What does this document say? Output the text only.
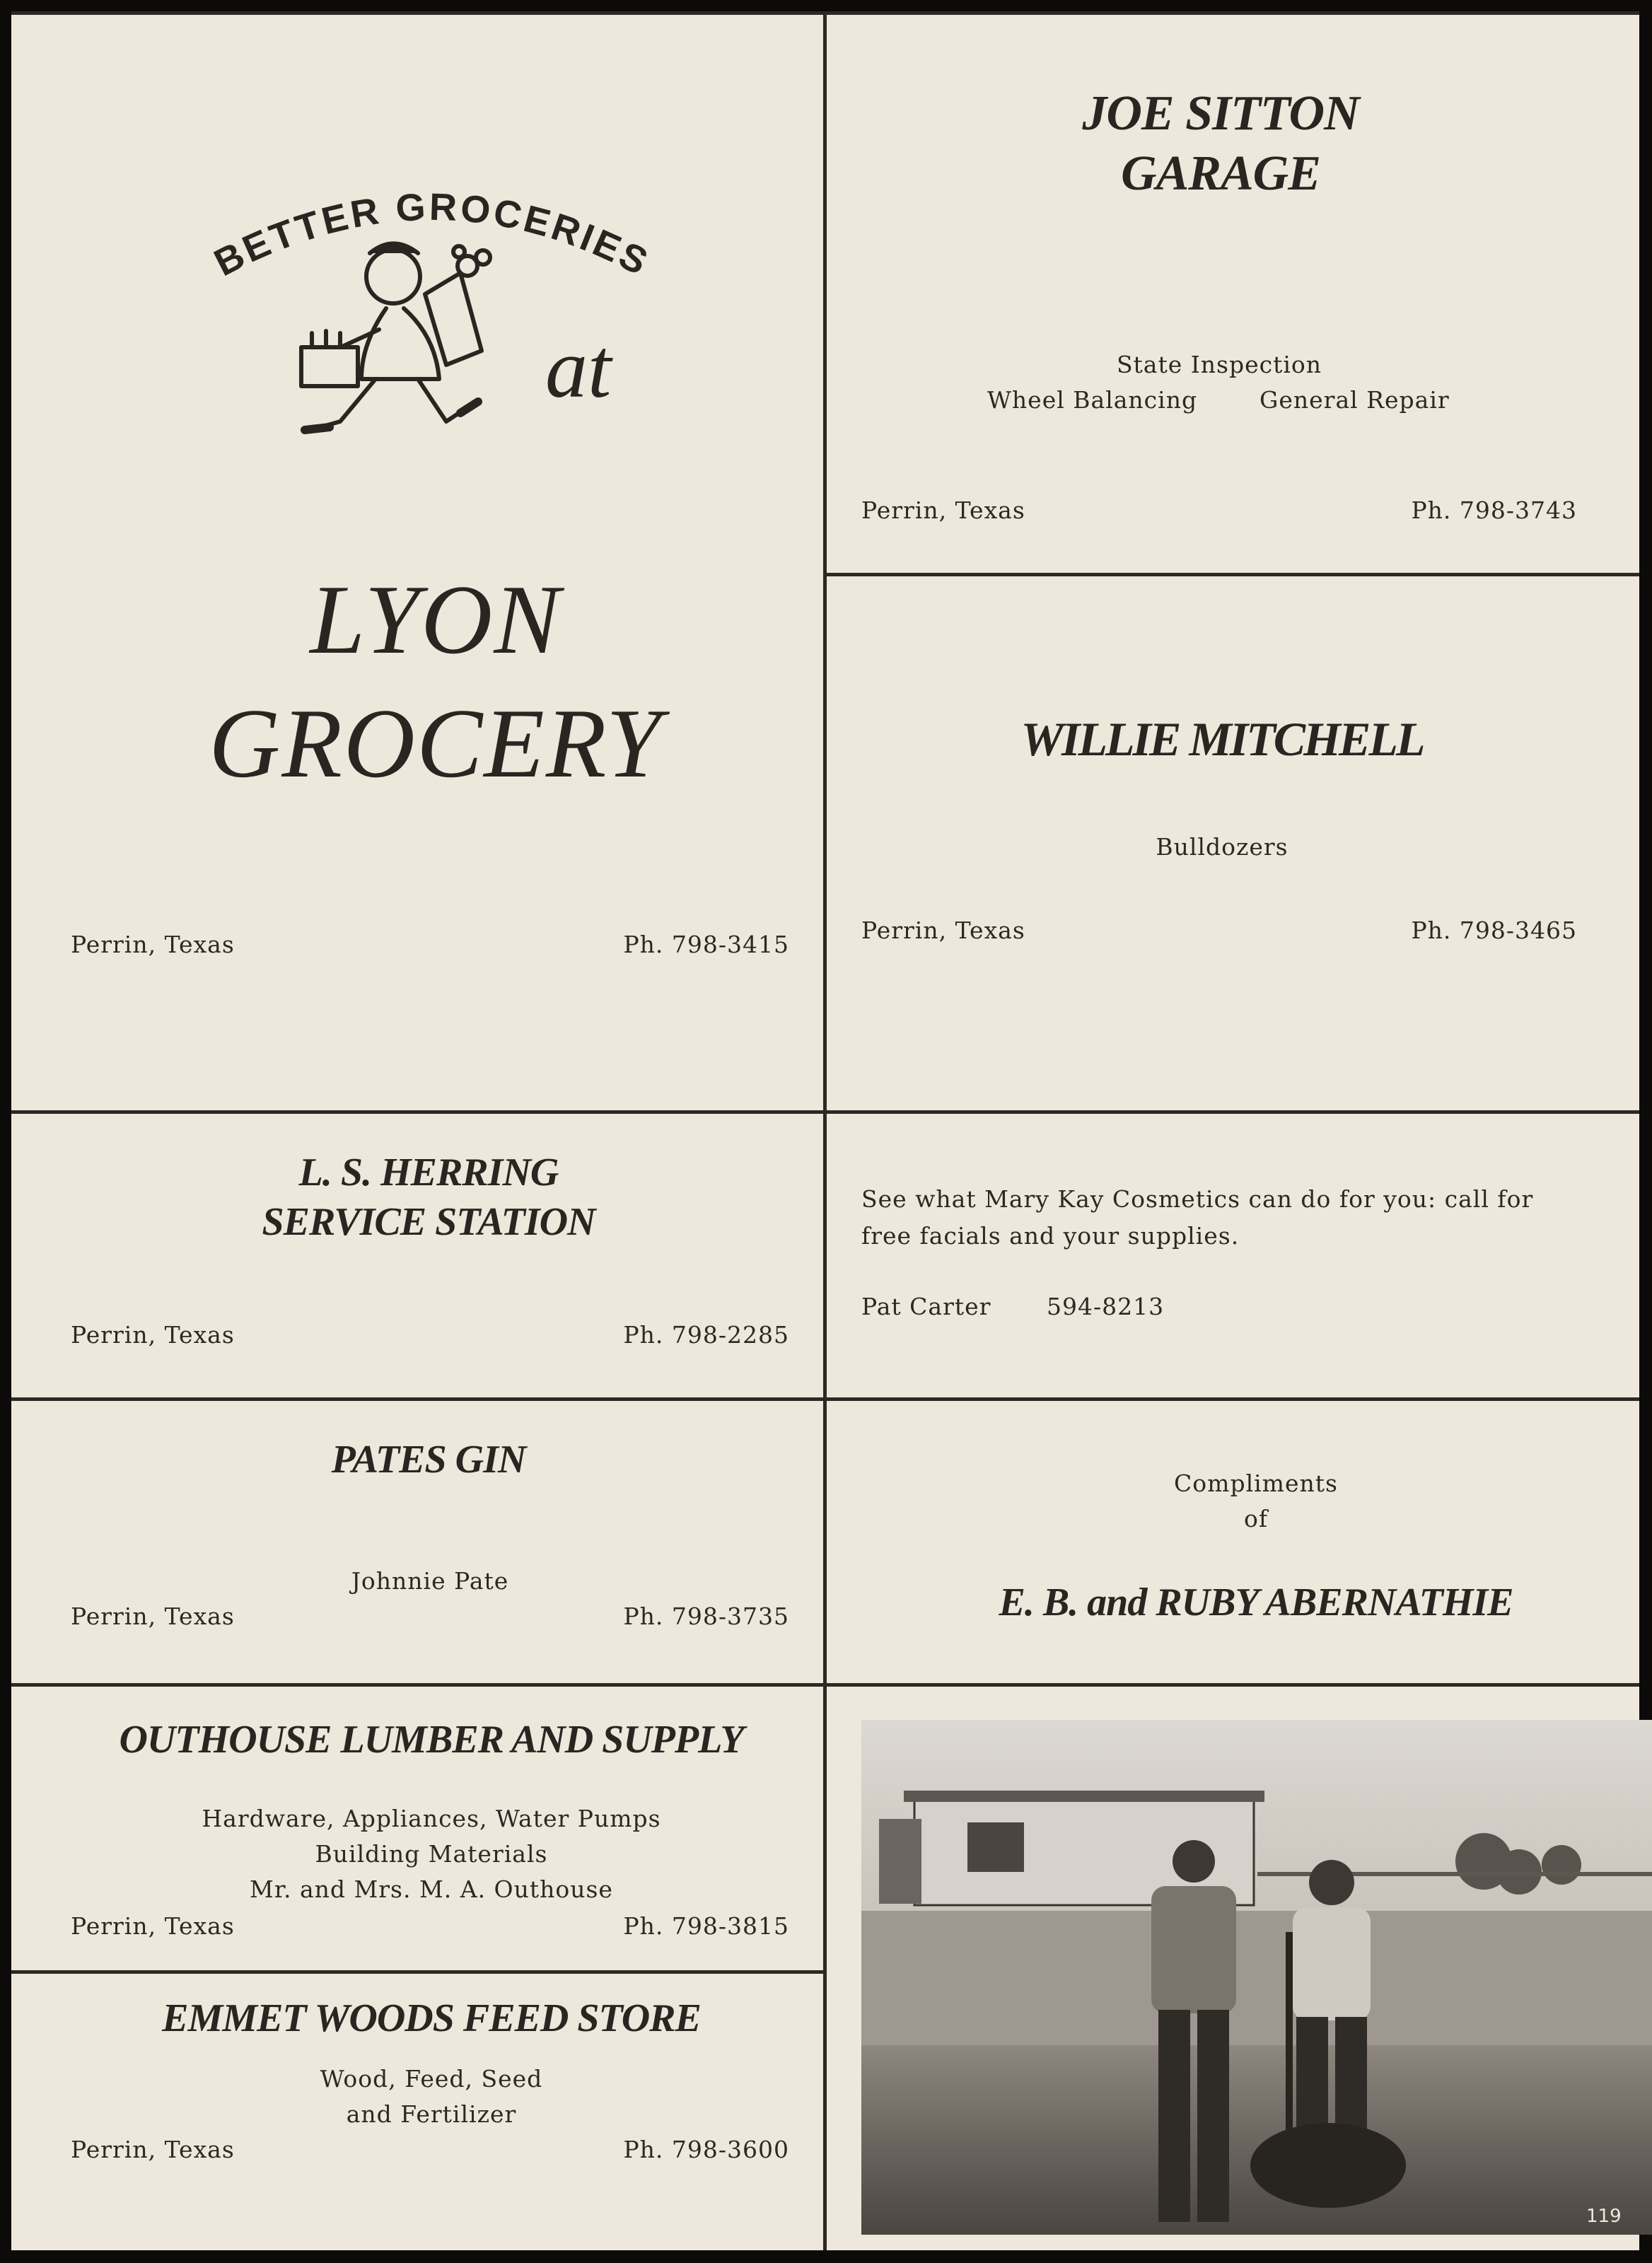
BETTER GROCERIES
at
LYON
GROCERY
Perrin, Texas	Ph. 798-3415
JOE SITTON
GARAGE
State Inspection
Wheel Balancing	General Repair
Perrin, Texas	Ph. 798-3743
WILLIE MITCHELL
Bulldozers
Perrin, Texas	Ph. 798-3465
L. S. HERRING
SERVICE STATION
Perrin, Texas	Ph. 798-2285
See what Mary Kay Cosmetics can do for you: call for
free facials and your supplies.
Pat Carter 594-8213
PATES GIN
Johnnie Pate
Perrin, Texas	Ph. 798-3735
Compliments
of
E. B. and RUBY ABERNATHIE
OUTHOUSE LUMBER AND SUPPLY
Hardware, Appliances, Water Pumps
Building Materials
Mr. and Mrs. M. A. Outhouse
Perrin, Texas	Ph. 798-3815
EMMET WOODS FEED STORE
Wood, Feed, Seed
and Fertilizer
Perrin, Texas	Ph. 798-3600
119
